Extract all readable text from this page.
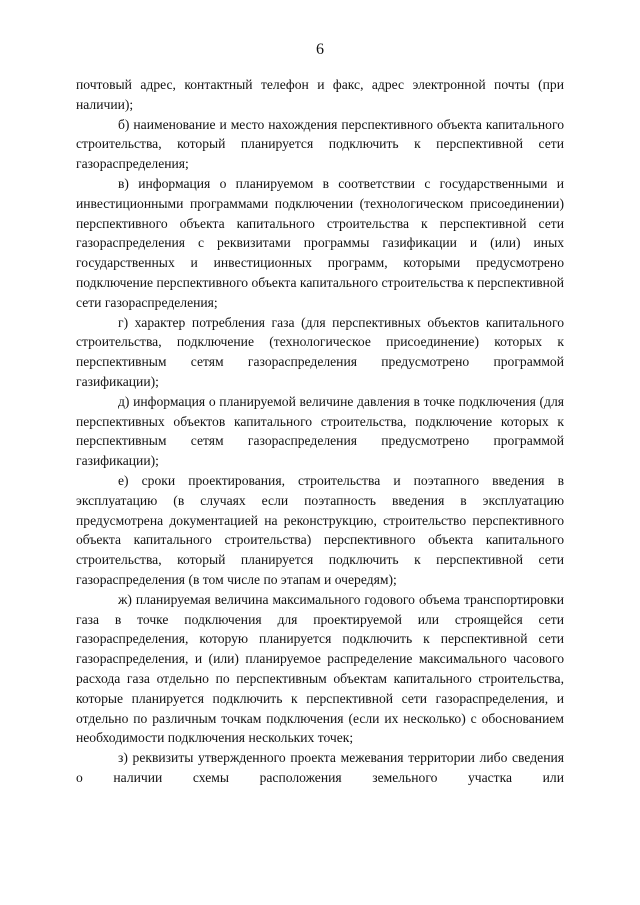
6

почтовый адрес, контактный телефон и факс, адрес электронной почты (при наличии);

б) наименование и место нахождения перспективного объекта капитального строительства, который планируется подключить к перспективной сети газораспределения;

в) информация о планируемом в соответствии с государственными и инвестиционными программами подключении (технологическом присоединении) перспективного объекта капитального строительства к перспективной сети газораспределения с реквизитами программы газификации и (или) иных государственных и инвестиционных программ, которыми предусмотрено подключение перспективного объекта капитального строительства к перспективной сети газораспределения;

г) характер потребления газа (для перспективных объектов капитального строительства, подключение (технологическое присоединение) которых к перспективным сетям газораспределения предусмотрено программой газификации);

д) информация о планируемой величине давления в точке подключения (для перспективных объектов капитального строительства, подключение которых к перспективным сетям газораспределения предусмотрено программой газификации);

е) сроки проектирования, строительства и поэтапного введения в эксплуатацию (в случаях если поэтапность введения в эксплуатацию предусмотрена документацией на реконструкцию, строительство перспективного объекта капитального строительства) перспективного объекта капитального строительства, который планируется подключить к перспективной сети газораспределения (в том числе по этапам и очередям);

ж) планируемая величина максимального годового объема транспортировки газа в точке подключения для проектируемой или строящейся сети газораспределения, которую планируется подключить к перспективной сети газораспределения, и (или) планируемое распределение максимального часового расхода газа отдельно по перспективным объектам капитального строительства, которые планируется подключить к перспективной сети газораспределения, и отдельно по различным точкам подключения (если их несколько) с обоснованием необходимости подключения нескольких точек;

з) реквизиты утвержденного проекта межевания территории либо сведения о наличии схемы расположения земельного участка или
